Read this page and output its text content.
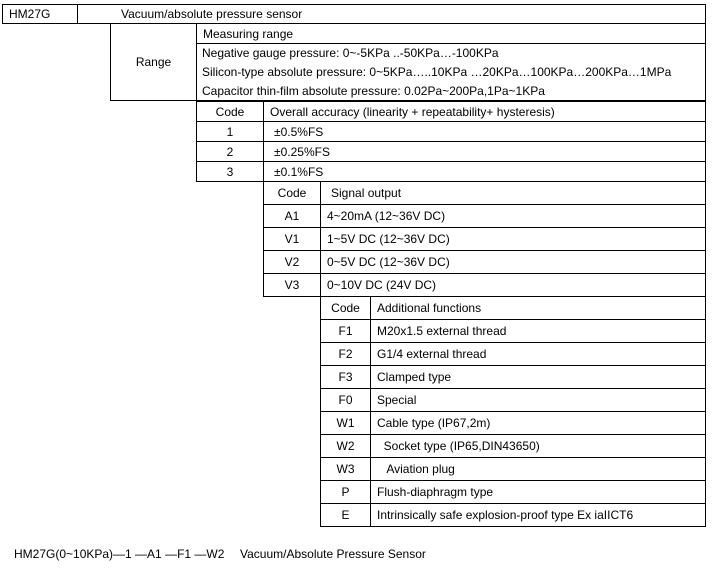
HM27G	Vacuum/absolute pressure sensor
Range
Measuring range
Negative gauge pressure: 0~-5KPa ..-50KPa…-100KPa
Silicon-type absolute pressure: 0~5KPa…..10KPa …20KPa…100KPa…200KPa…1MPa
Capacitor thin-film absolute pressure: 0.02Pa~200Pa,1Pa~1KPa
Code Overall accuracy (linearity + repeatability+ hysteresis)
1	±0.5%FS
2	±0.25%FS
3	±0.1%FS
Code Signal output
A1 4~20mA (12~36V DC)
V1 1~5V DC (12~36V DC)
V2 0~5V DC (12~36V DC)
V3 0~10V DC (24V DC)
Code Additional functions
F1 M20x1.5 external thread
F2 G1/4 external thread
F3 Clamped type
F0 Special
W1 Cable type (IP67,2m)
W2 Socket type (IP65,DIN43650)
W3 Aviation plug
P Flush-diaphragm type
E Intrinsically safe explosion-proof type Ex iaIICT6
HM27G(0~10KPa)—1 —A1 —F1 —W2 Vacuum/Absolute Pressure Sensor
